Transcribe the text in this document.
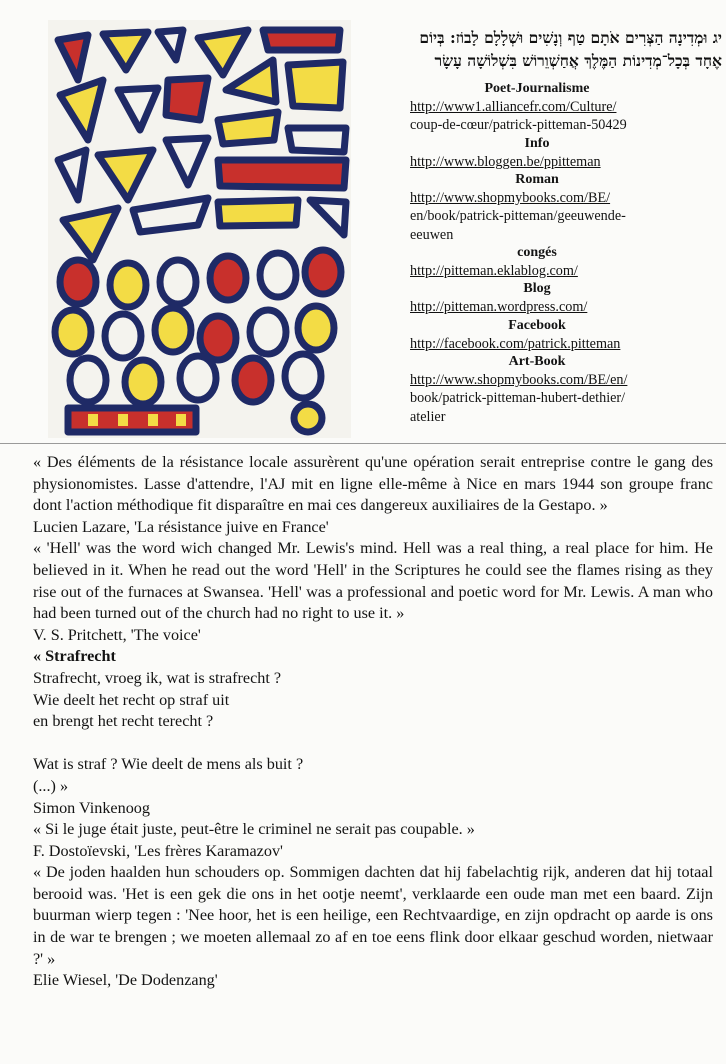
יג וּמְדִינָה הַצְּרִים אֹתָם טַף וְנָשִׁים וּשְׁלָלָם לָבוֹז: בְּיוֹם
אֶחָד בְּכָל־מְדִינוֹת הַמֶּלֶךְ אֲחַשְׁוֵרוֹשׁ בִּשְׁלוֹשָׁה עָשָׂר
Poet-Journalisme
http://www1.alliancefr.com/Culture/
coup-de-cœur/patrick-pitteman-50429
Info
http://www.bloggen.be/ppitteman
Roman
http://www.shopmybooks.com/BE/
en/book/patrick-pitteman/geeuwende-
eeuwen
congés
http://pitteman.eklablog.com/
Blog
http://pitteman.wordpress.com/
Facebook
http://facebook.com/patrick.pitteman
Art-Book
http://www.shopmybooks.com/BE/en/
book/patrick-pitteman-hubert-dethier/
atelier

« Des éléments de la résistance locale assurèrent qu'une opération serait entreprise contre le gang des physionomistes. Lasse d'attendre, l'AJ mit en ligne elle-même à Nice en mars 1944 son groupe franc dont l'action méthodique fit disparaître en mai ces dangereux auxiliaires de la Gestapo. »

Lucien Lazare, 'La résistance juive en France'

« 'Hell' was the word wich changed Mr. Lewis's mind. Hell was a real thing, a real place for him. He believed in it. When he read out the word 'Hell' in the Scriptures he could see the flames rising as they rise out of the furnaces at Swansea. 'Hell' was a professional and poetic word for Mr. Lewis. A man who had been turned out of the church had no right to use it. »

V. S. Pritchett, 'The voice'
« Strafrecht
Strafrecht, vroeg ik, wat is strafrecht ?
Wie deelt het recht op straf uit
en brengt het recht terecht ?
Wat is straf ? Wie deelt de mens als buit ?
(...) »
Simon Vinkenoog
« Si le juge était juste, peut-être le criminel ne serait pas coupable. »
F. Dostoïevski, 'Les frères Karamazov'

« De joden haalden hun schouders op. Sommigen dachten dat hij fabelachtig rijk, anderen dat hij totaal berooid was. 'Het is een gek die ons in het ootje neemt', verklaarde een oude man met een baard. Zijn buurman wierp tegen : 'Nee hoor, het is een heilige, een Rechtvaardige, en zijn opdracht op aarde is ons in de war te brengen ; we moeten allemaal zo af en toe eens flink door elkaar geschud worden, nietwaar ?' »

Elie Wiesel, 'De Dodenzang'
